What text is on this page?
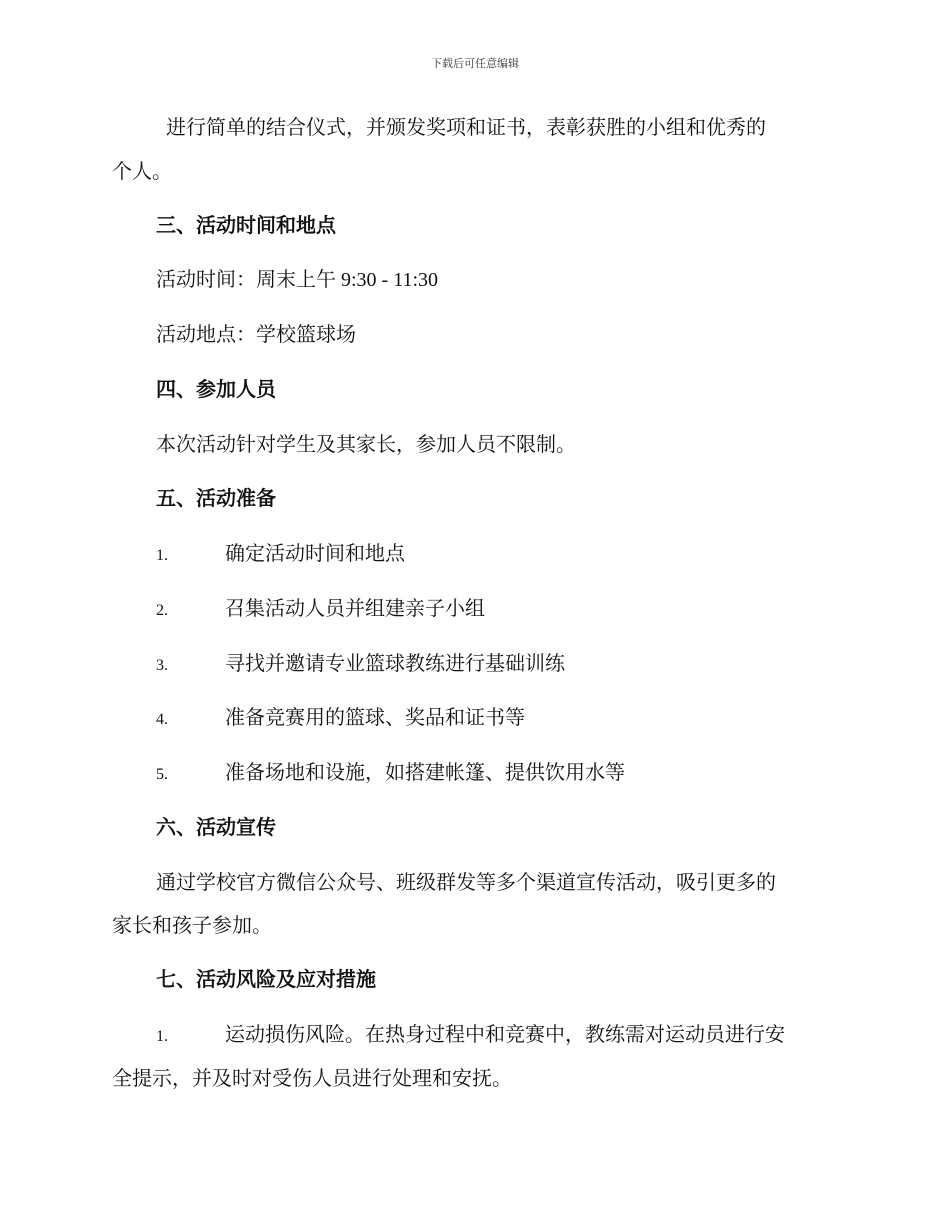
下载后可任意编辑

进行简单的结合仪式，并颁发奖项和证书，表彰获胜的小组和优秀的

个人。

三、活动时间和地点

活动时间：周末上午 9:30 - 11:30

活动地点：学校篮球场

四、参加人员

本次活动针对学生及其家长，参加人员不限制。

五、活动准备

1.	确定活动时间和地点

2.	召集活动人员并组建亲子小组

3.	寻找并邀请专业篮球教练进行基础训练

4.	准备竞赛用的篮球、奖品和证书等

5.	准备场地和设施，如搭建帐篷、提供饮用水等

六、活动宣传

通过学校官方微信公众号、班级群发等多个渠道宣传活动，吸引更多的

家长和孩子参加。

七、活动风险及应对措施

1.	运动损伤风险。在热身过程中和竞赛中，教练需对运动员进行安

全提示，并及时对受伤人员进行处理和安抚。
